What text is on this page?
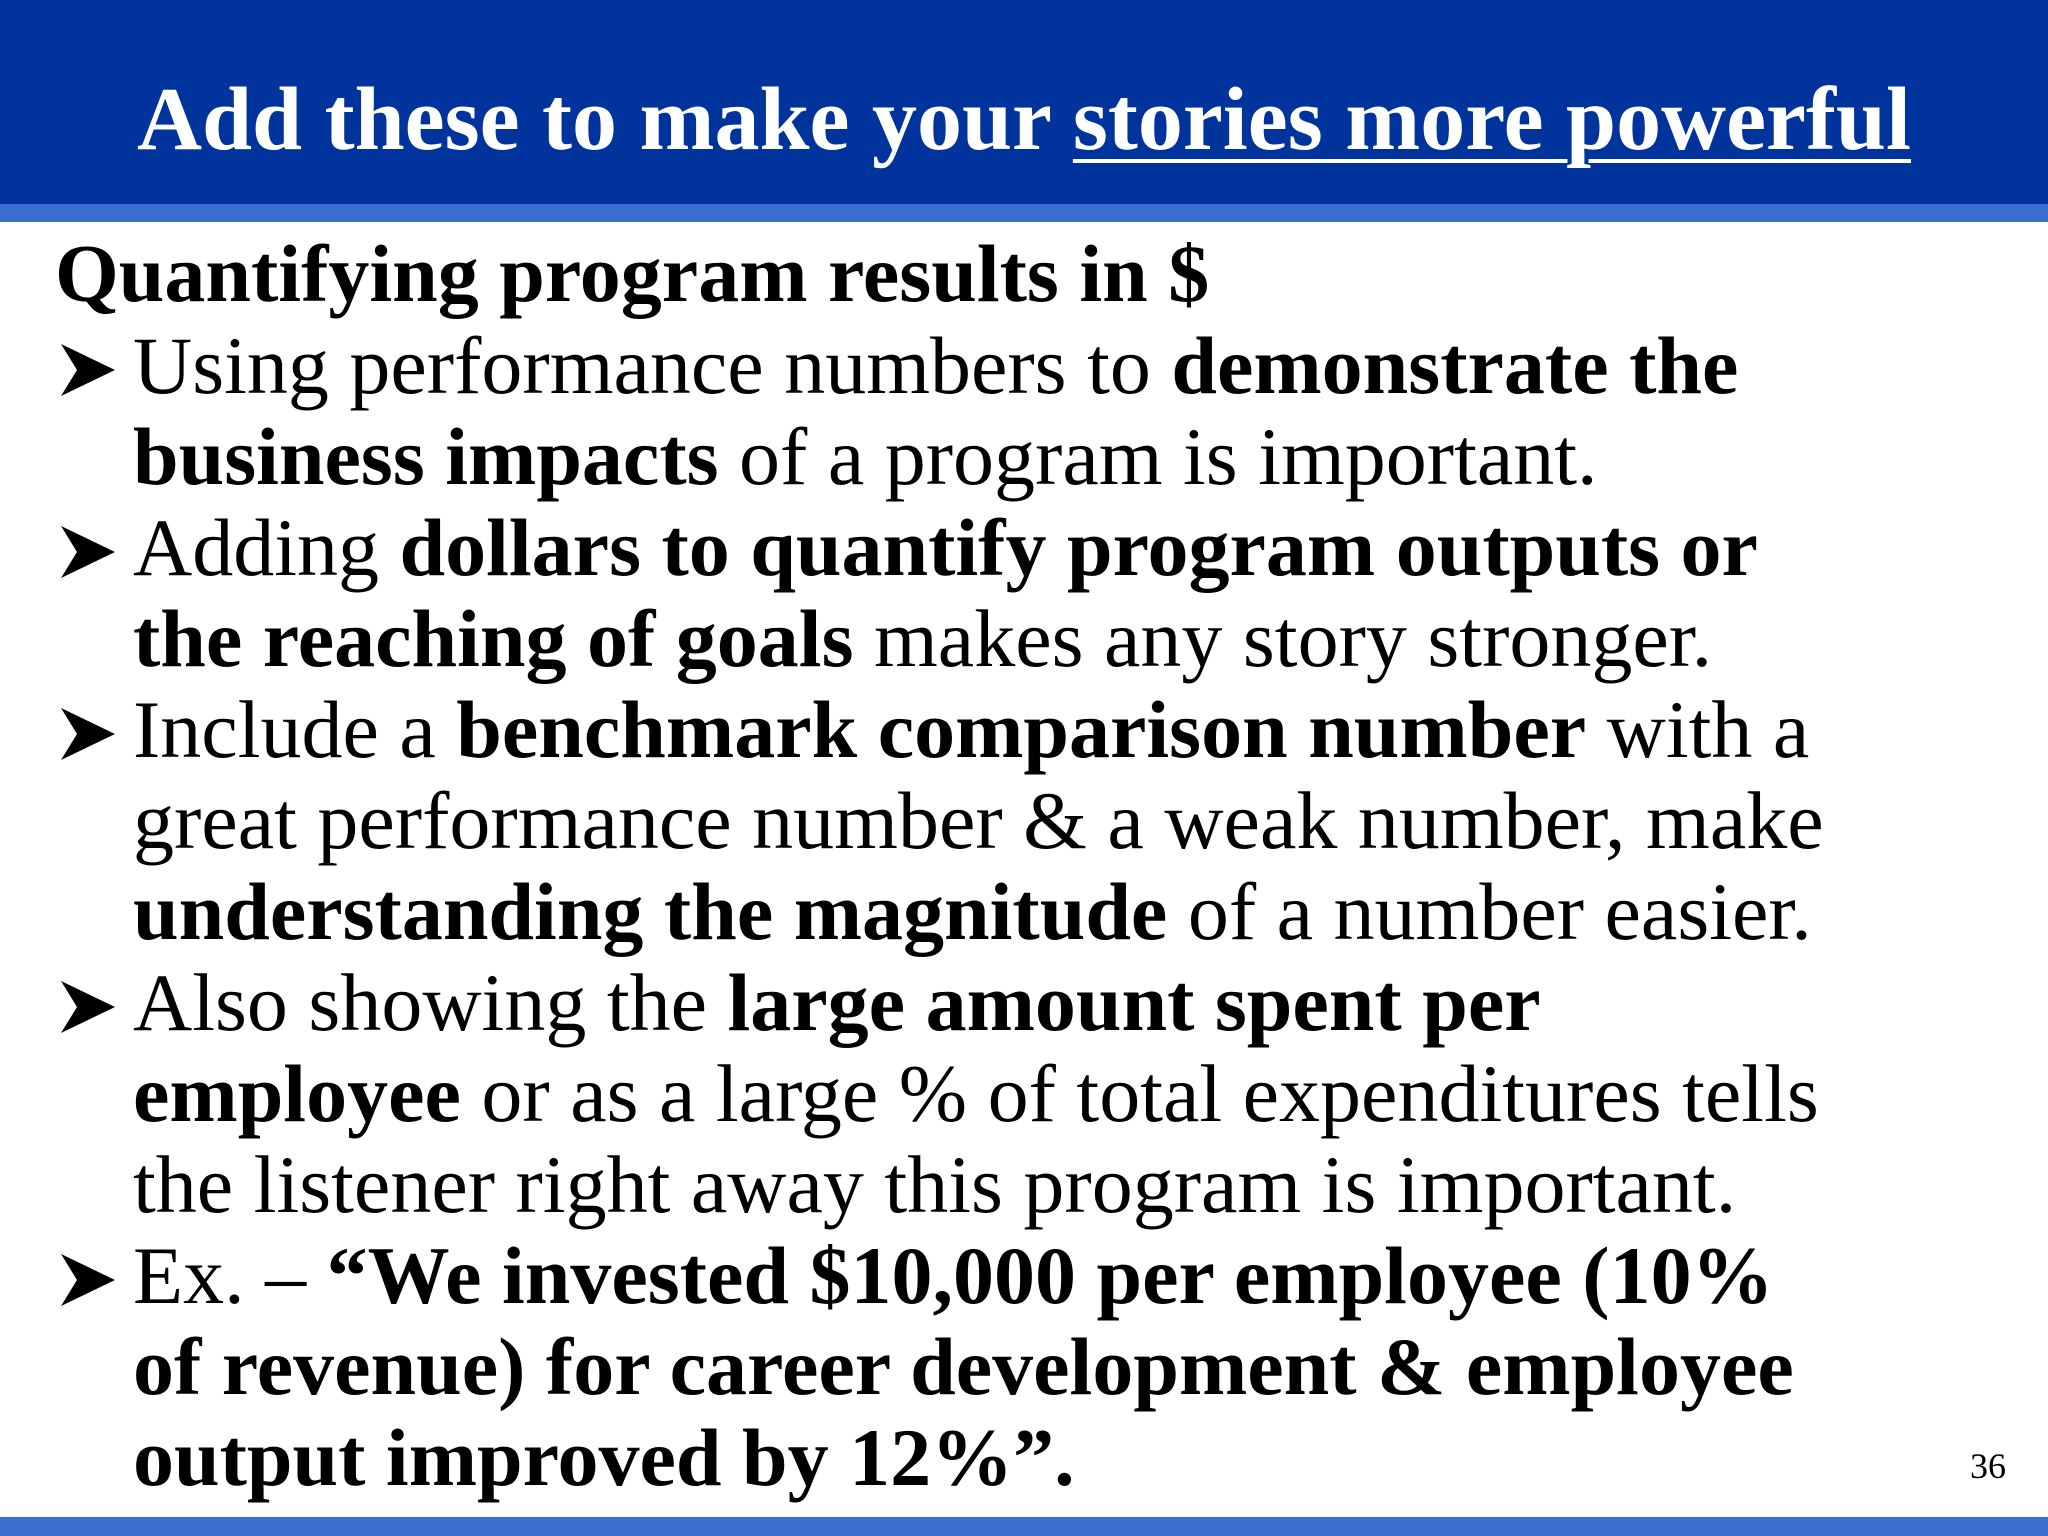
Add these to make your stories more powerful
Quantifying program results in $
Using performance numbers to demonstrate the
business impacts of a program is important.
Adding dollars to quantify program outputs or
the reaching of goals makes any story stronger.
Include a benchmark comparison number with a
great performance number & a weak number, make
understanding the magnitude of a number easier.
Also showing the large amount spent per
employee or as a large % of total expenditures tells
the listener right away this program is important.
Ex. – “We invested $10,000 per employee (10%
of revenue) for career development & employee
output improved by 12%”.	36
